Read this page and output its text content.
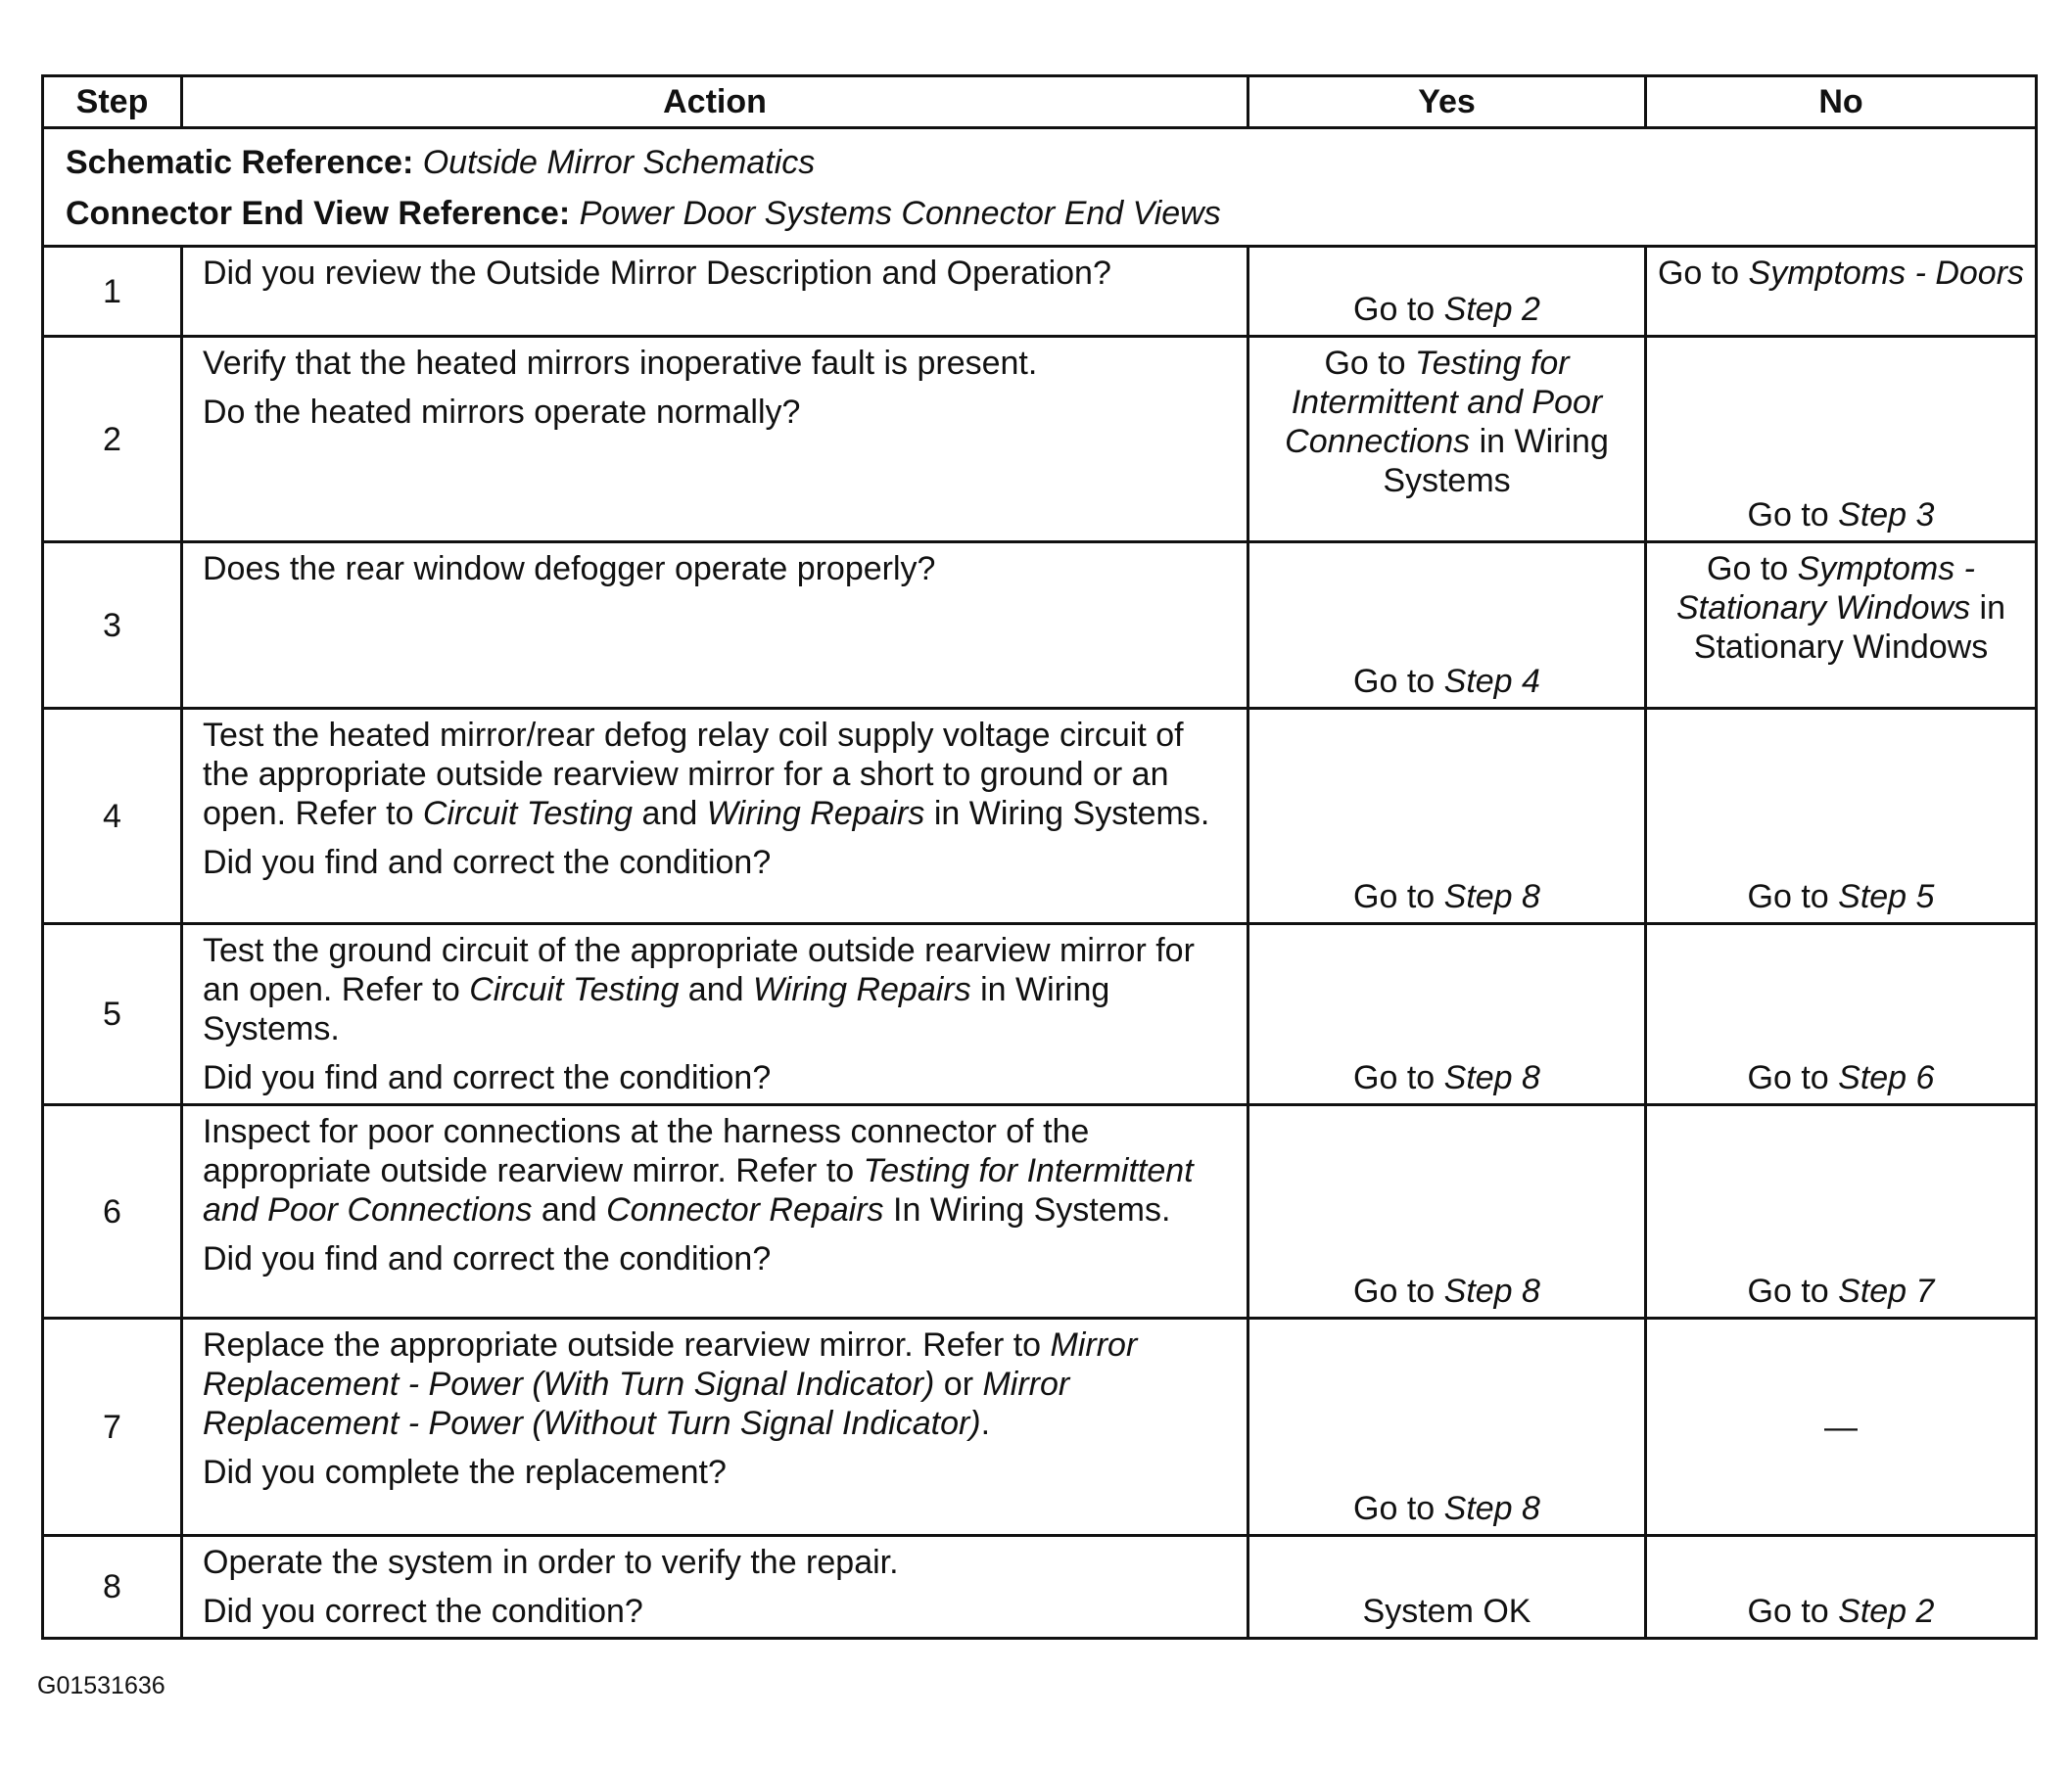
Step	Action	Yes	No

Schematic Reference: Outside Mirror Schematics
Connector End View Reference: Power Door Systems Connector End Views			

1	Did you review the Outside Mirror Description and Operation?	Go to Step 2	Go to Symptoms - Doors
2	Verify that the heated mirrors inoperative fault is present.
Do the heated mirrors operate normally?	Go to Testing for Intermittent and Poor Connections in Wiring Systems	Go to Step 3
3	Does the rear window defogger operate properly?	Go to Step 4	Go to Symptoms - Stationary Windows in Stationary Windows
4	Test the heated mirror/rear defog relay coil supply voltage circuit of the appropriate outside rearview mirror for a short to ground or an open. Refer to Circuit Testing and Wiring Repairs in Wiring Systems.
Did you find and correct the condition?	Go to Step 8	Go to Step 5
5	Test the ground circuit of the appropriate outside rearview mirror for an open. Refer to Circuit Testing and Wiring Repairs in Wiring Systems.
Did you find and correct the condition?	Go to Step 8	Go to Step 6
6	Inspect for poor connections at the harness connector of the appropriate outside rearview mirror. Refer to Testing for Intermittent and Poor Connections and Connector Repairs In Wiring Systems.
Did you find and correct the condition?	Go to Step 8	Go to Step 7
7	Replace the appropriate outside rearview mirror. Refer to Mirror Replacement - Power (With Turn Signal Indicator) or Mirror Replacement - Power (Without Turn Signal Indicator).
Did you complete the replacement?	Go to Step 8	—
8	Operate the system in order to verify the repair.
Did you correct the condition?	System OK	Go to Step 2
G01531636
